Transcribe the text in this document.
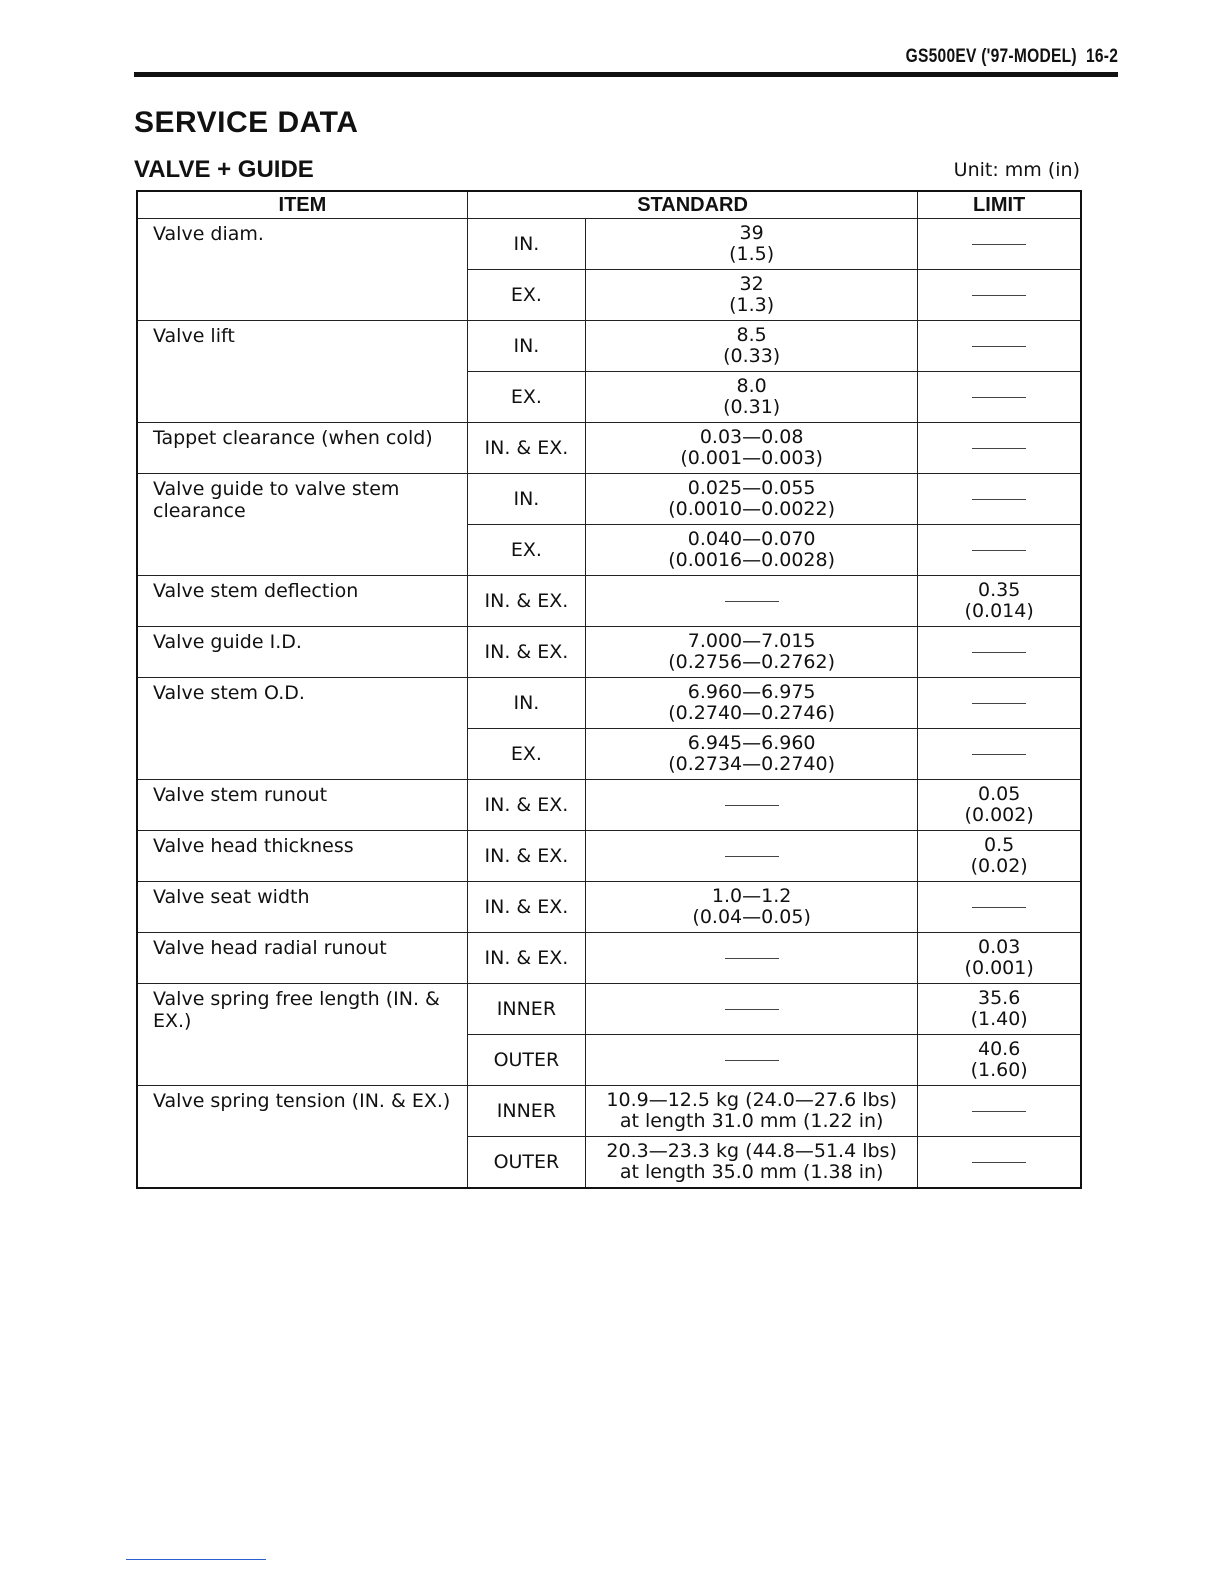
GS500EV ('97-MODEL) 16-2
SERVICE DATA
VALVE + GUIDE	Unit: mm (in)
ITEM	STANDARD		LIMIT
Valve diam.	IN.	39
(1.5)	

	EX.	32
(1.3)	

Valve lift	IN.	8.5
(0.33)	

	EX.	8.0
(0.31)	

Tappet clearance (when cold)	IN. & EX.	0.03—0.08
(0.001—0.003)	

Valve guide to valve stem clearance	IN.	0.025—0.055
(0.0010—0.0022)	

	EX.	0.040—0.070
(0.0016—0.0028)	

Valve stem deflection	IN. & EX.		0.35
(0.014)

Valve guide I.D.	IN. & EX.	7.000—7.015
(0.2756—0.2762)	

Valve stem O.D.	IN.	6.960—6.975
(0.2740—0.2746)	

	EX.	6.945—6.960
(0.2734—0.2740)	

Valve stem runout	IN. & EX.		0.05
(0.002)

Valve head thickness	IN. & EX.		0.5
(0.02)

Valve seat width	IN. & EX.	1.0—1.2
(0.04—0.05)	

Valve head radial runout	IN. & EX.		0.03
(0.001)

Valve spring free length (IN. & EX.)	INNER		35.6
(1.40)

	OUTER		40.6
(1.60)

Valve spring tension (IN. & EX.)	INNER	10.9—12.5 kg (24.0—27.6 lbs)
at length 31.0 mm (1.22 in)	

	OUTER	20.3—23.3 kg (44.8—51.4 lbs)
at length 35.0 mm (1.38 in)	
